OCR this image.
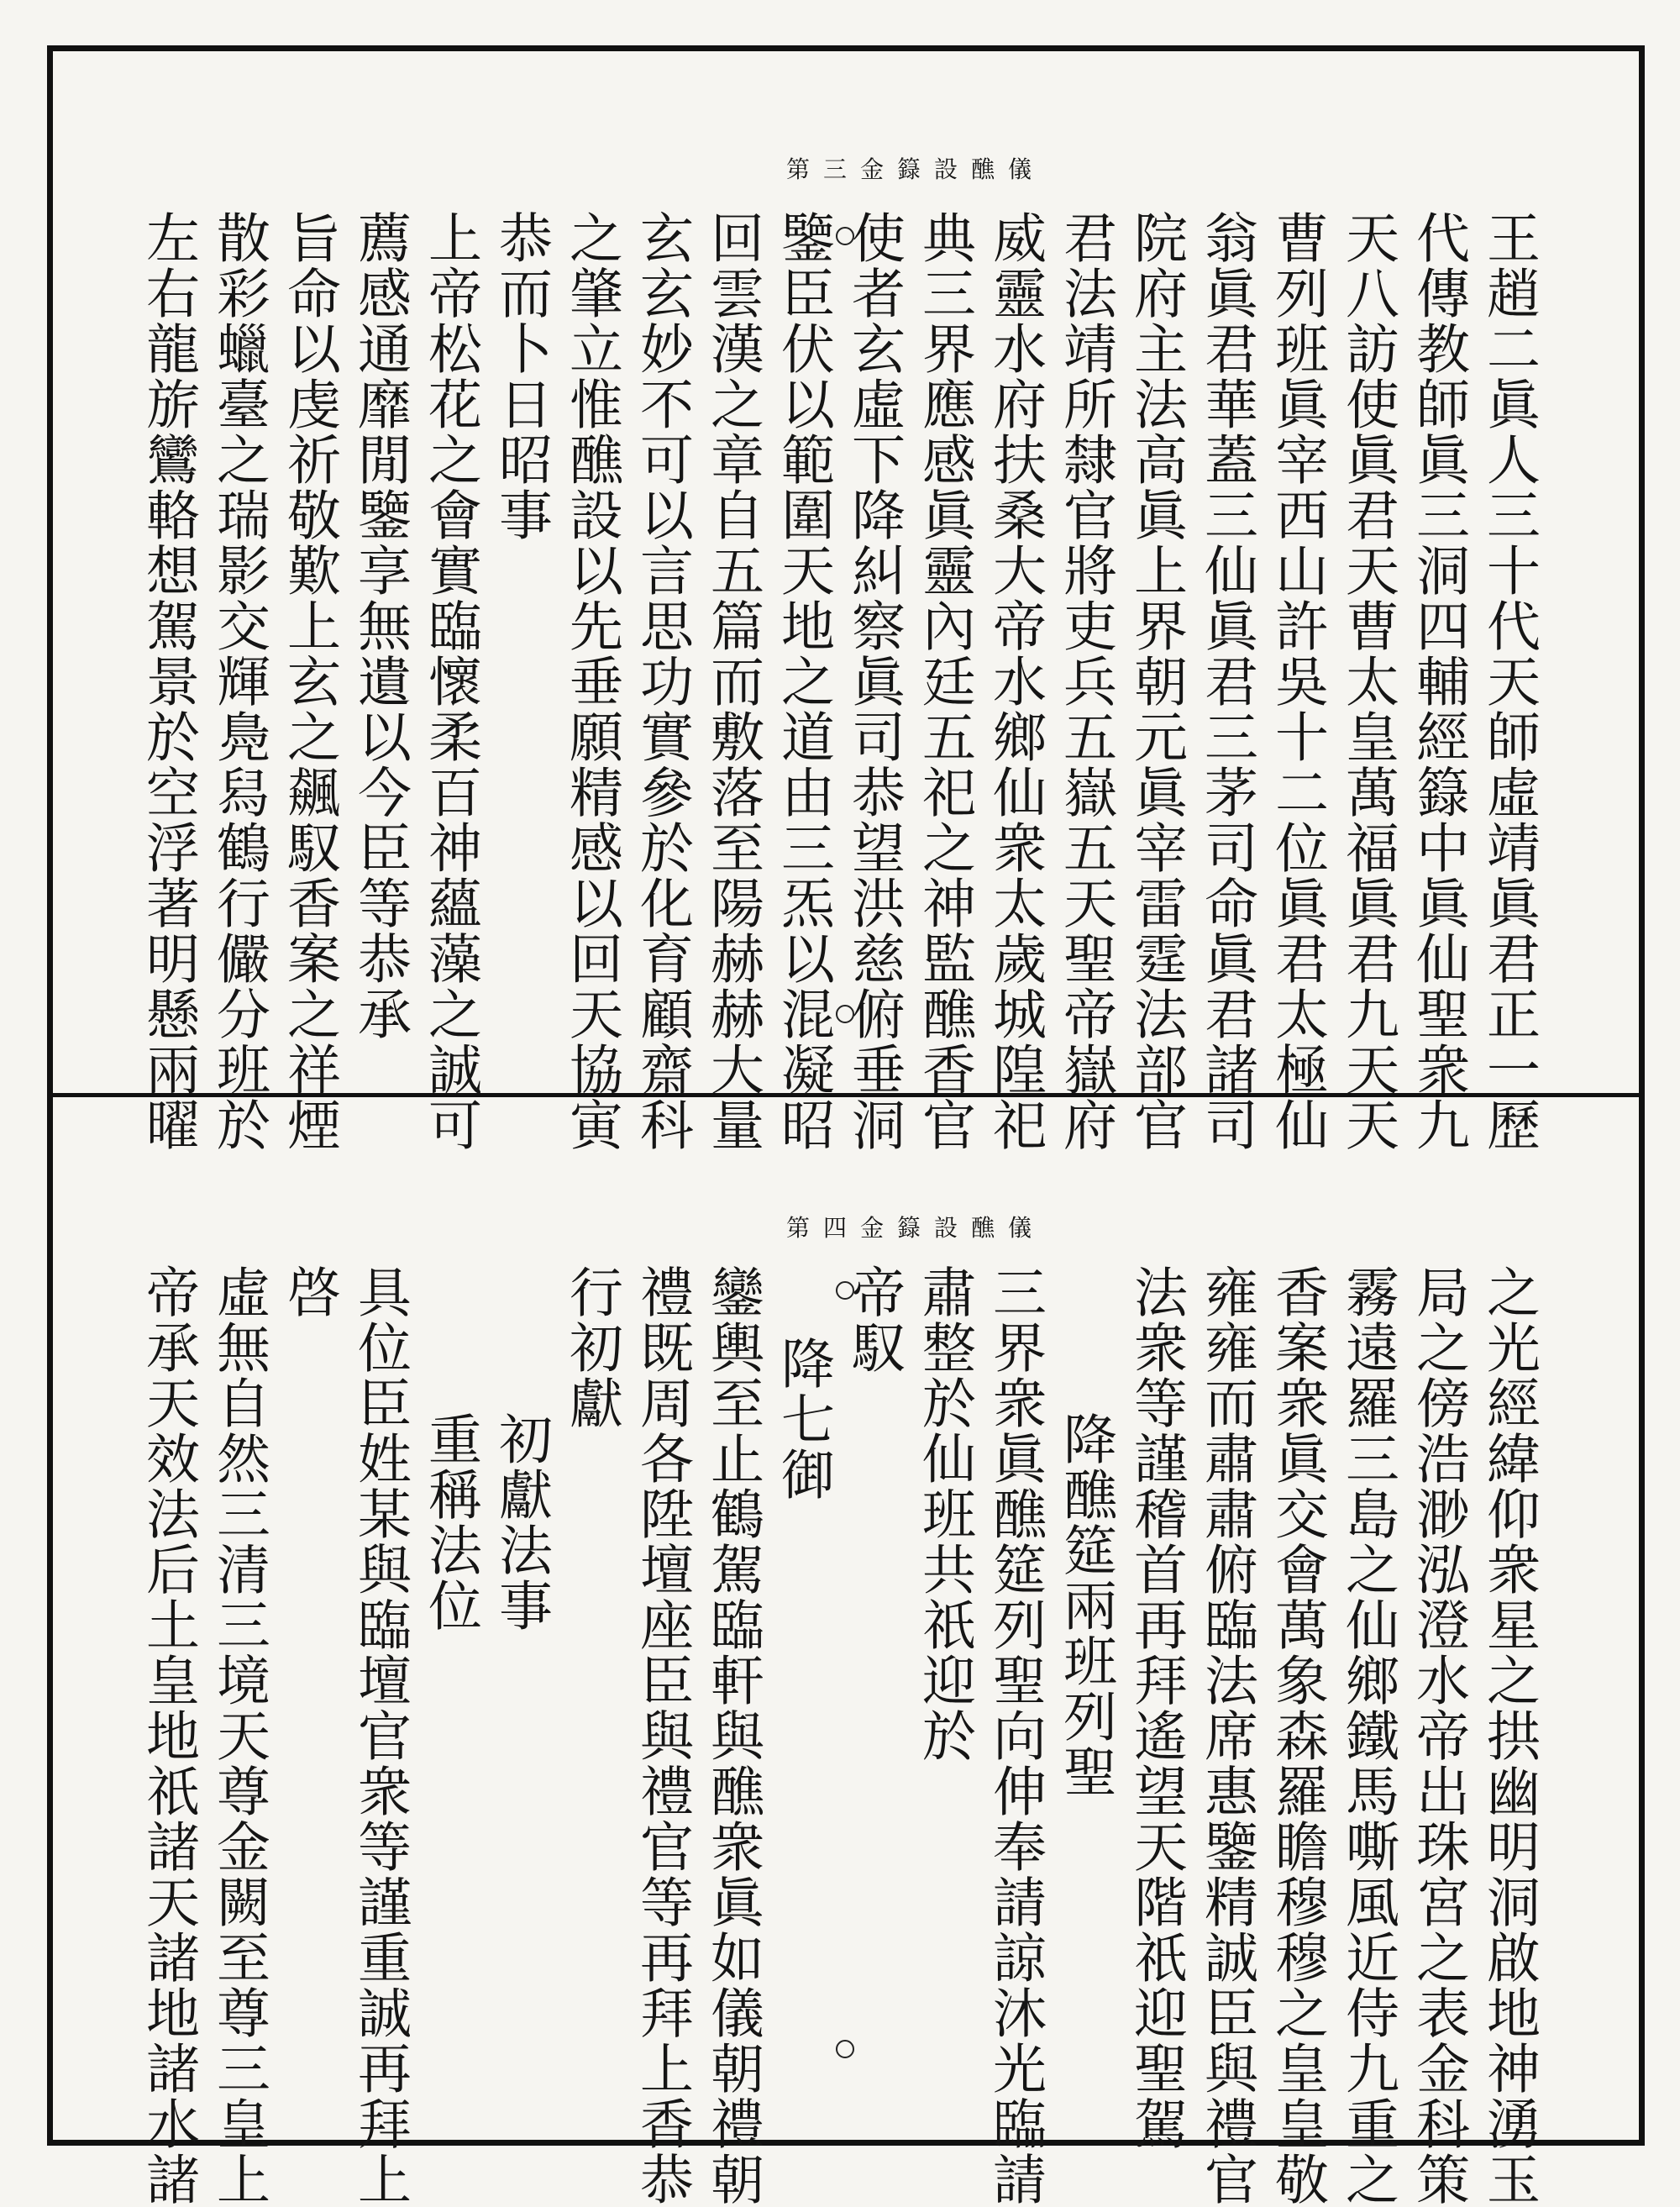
金籙設醮儀第三
王趙二眞人三十代天師虛靖眞君正一歷
代傳教師眞三洞四輔經籙中眞仙聖衆九
天八訪使眞君天曹太皇萬福眞君九天天
曹列班眞宰西山許吳十二位眞君太極仙
翁眞君華蓋三仙眞君三茅司命眞君諸司
院府主法高眞上界朝元眞宰雷霆法部官
君法靖所隸官將吏兵五嶽五天聖帝嶽府
威靈水府扶桑大帝水鄉仙衆太歲城隍祀
典三界應感眞靈內廷五祀之神監醮香官
使者玄虛下降糾察眞司恭望洪慈俯垂洞
鑒臣伏以範圍天地之道由三炁以混凝昭
回雲漢之章自五篇而敷落至陽赫赫大量
玄玄妙不可以言思功實參於化育顧齋科
之肇立惟醮設以先垂願精感以回天協寅
恭而卜日昭事
上帝松花之會實臨懷柔百神蘊藻之誠可
薦感通靡閒鑒享無遺以今臣等恭承
旨命以虔祈敬歎上玄之飆馭香案之祥煙
散彩蠟臺之瑞影交輝鳧舄鶴行儼分班於
左右龍旂鸞輅想駕景於空浮著明懸兩曜
金籙設醮儀第四
之光經緯仰衆星之拱幽明洞啟地神湧玉
局之傍浩渺泓澄水帝出珠宮之表金科策
霧遠羅三島之仙鄉鐵馬嘶風近侍九重之
香案衆眞交會萬象森羅瞻穆穆之皇皇敬
雍雍而肅肅俯臨法席惠鑒精誠臣與禮官
法衆等謹稽首再拜遙望天階祇迎聖駕
降醮筵兩班列聖
三界衆眞醮筵列聖向伸奉請諒沐光臨請
肅整於仙班共祇迎於
帝馭
降七御
鑾輿至止鶴駕臨軒與醮衆眞如儀朝禮朝
禮既周各陞壇座臣與禮官等再拜上香恭
行初獻
初獻法事
重稱法位
具位臣姓某與臨壇官衆等謹重誠再拜上
啓
虛無自然三清三境天尊金闕至尊三皇上
帝承天效法后土皇地祇諸天諸地諸水諸
